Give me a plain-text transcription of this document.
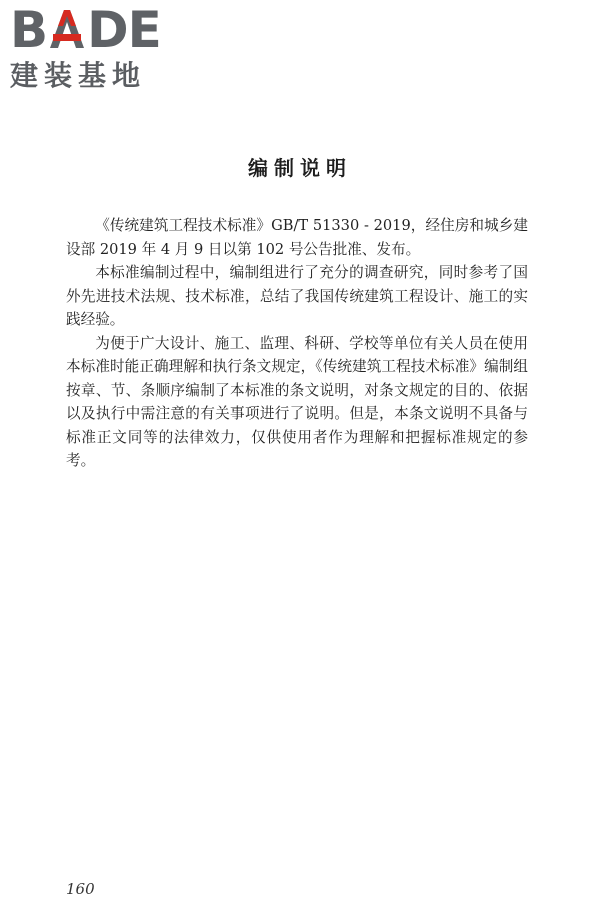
B DE
建装基地
编制说明

《传统建筑工程技术标准》GB/T 51330 - 2019，经住房和城乡建设部 2019 年 4 月 9 日以第 102 号公告批准、发布。

本标准编制过程中，编制组进行了充分的调查研究，同时参考了国外先进技术法规、技术标准，总结了我国传统建筑工程设计、施工的实践经验。

为便于广大设计、施工、监理、科研、学校等单位有关人员在使用本标准时能正确理解和执行条文规定，《传统建筑工程技术标准》编制组按章、节、条顺序编制了本标准的条文说明，对条文规定的目的、依据以及执行中需注意的有关事项进行了说明。但是，本条文说明不具备与标准正文同等的法律效力，仅供使用者作为理解和把握标准规定的参考。

160
